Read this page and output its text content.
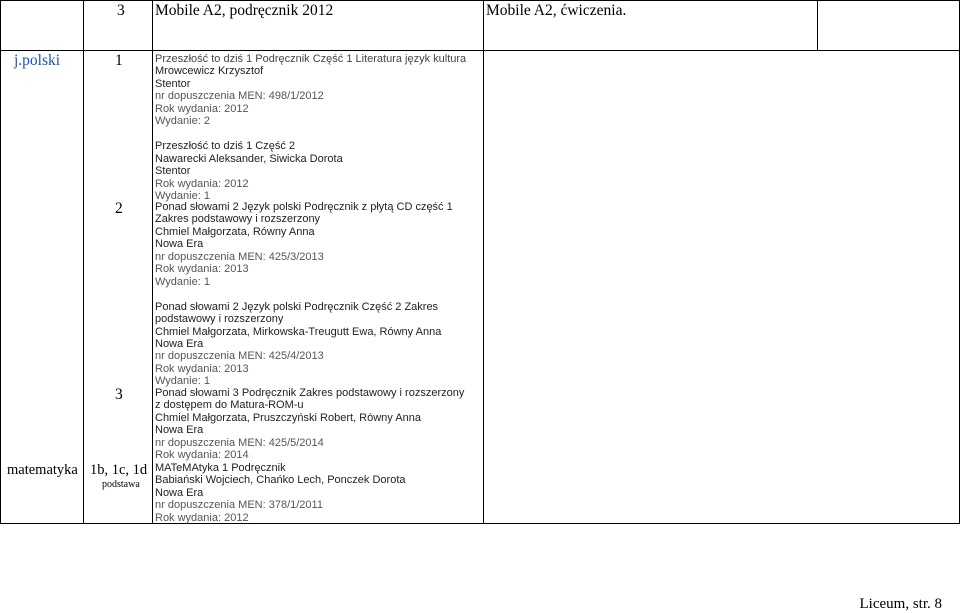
3 Mobile A2, podręcznik 2012	Mobile A2, ćwiczenia.
j.polski	1
2
3
Przeszłość to dziś 1 Podręcznik Część 1 Literatura język kultura
Mrowcewicz Krzysztof
Stentor
nr dopuszczenia MEN: 498/1/2012
Rok wydania: 2012
Wydanie: 2
Przeszłość to dziś 1 Część 2
Nawarecki Aleksander, Siwicka Dorota
Stentor
Rok wydania: 2012
Wydanie: 1
Ponad słowami 2 Język polski Podręcznik z płytą CD część 1
Zakres podstawowy i rozszerzony
Chmiel Małgorzata, Równy Anna
Nowa Era
nr dopuszczenia MEN: 425/3/2013
Rok wydania: 2013
Wydanie: 1
Ponad słowami 2 Język polski Podręcznik Część 2 Zakres
podstawowy i rozszerzony
Chmiel Małgorzata, Mirkowska-Treugutt Ewa, Równy Anna
Nowa Era
nr dopuszczenia MEN: 425/4/2013
Rok wydania: 2013
Wydanie: 1
Ponad słowami 3 Podręcznik Zakres podstawowy i rozszerzony
z dostępem do Matura-ROM-u
Chmiel Małgorzata, Pruszczyński Robert, Równy Anna
Nowa Era
nr dopuszczenia MEN: 425/5/2014
Rok wydania: 2014
matematyka 1b, 1c, 1d
podstawa
MATeMAtyka 1 Podręcznik
Babiański Wojciech, Chańko Lech, Ponczek Dorota
Nowa Era
nr dopuszczenia MEN: 378/1/2011
Rok wydania: 2012
Liceum, str. 8
